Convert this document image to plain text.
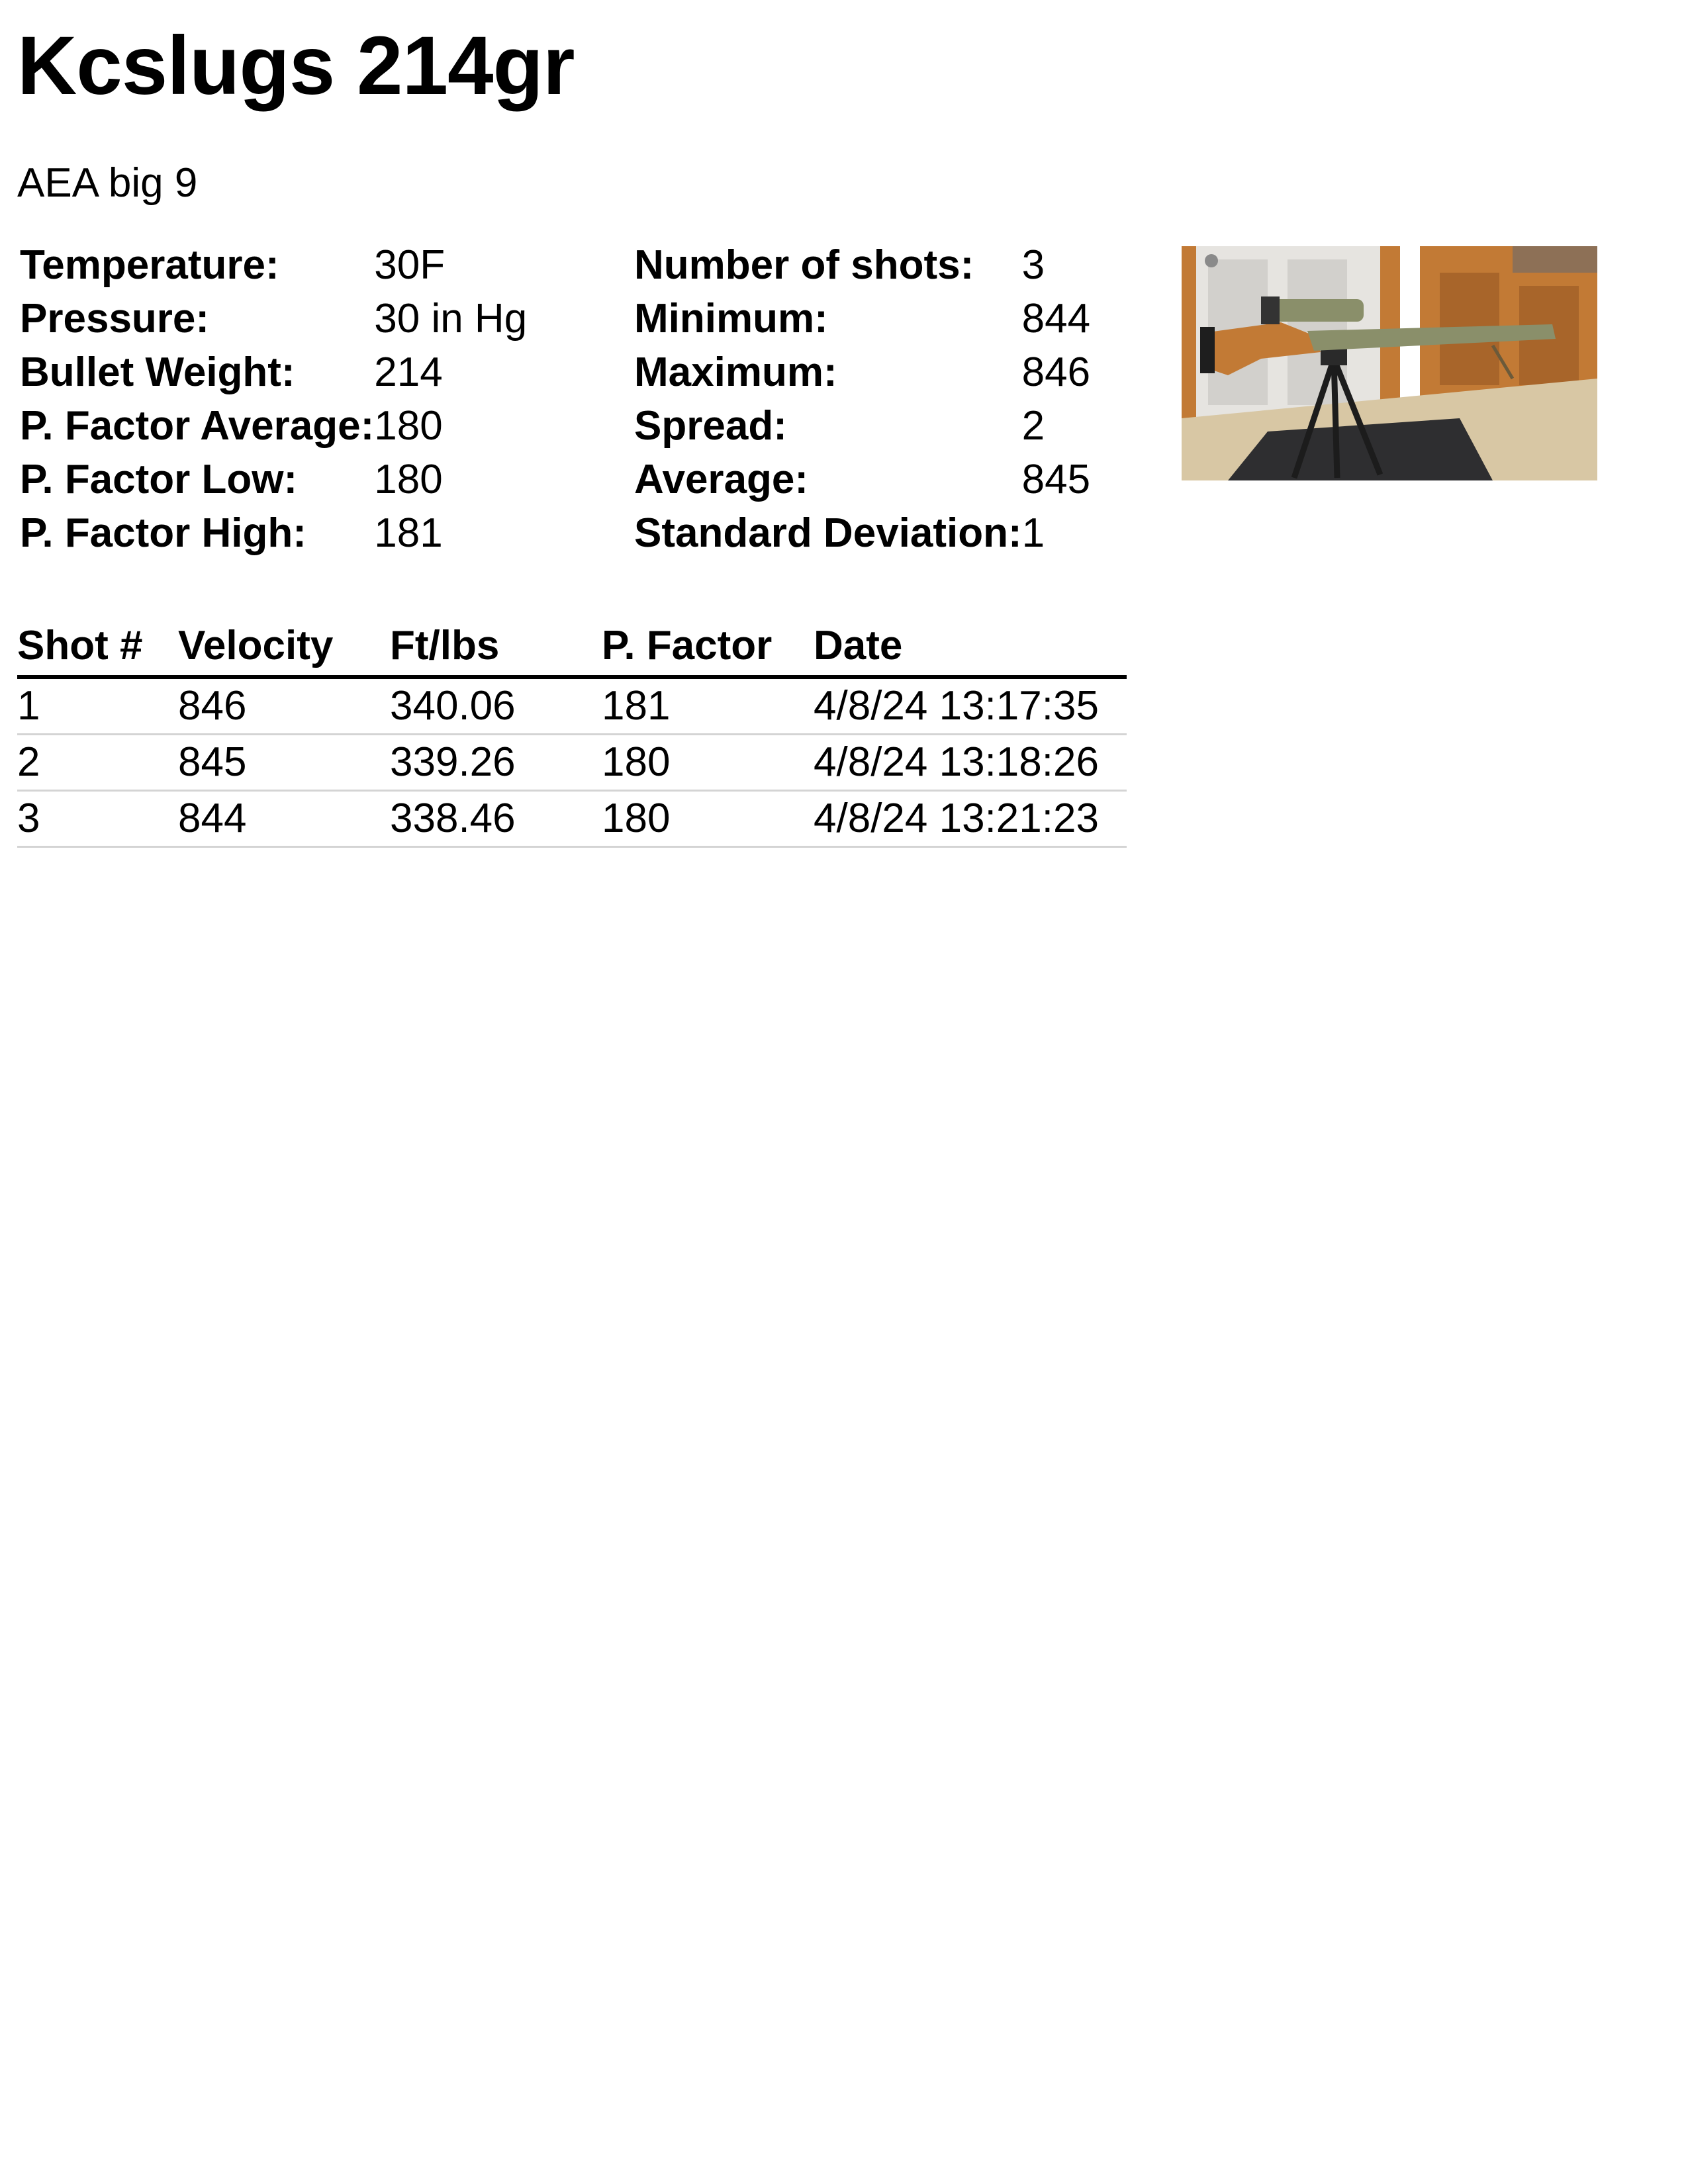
Kcslugs 214gr
AEA big 9
Temperature:	30F
Pressure:	30 in Hg
Bullet Weight:	214
P. Factor Average:	180
P. Factor Low:	180
P. Factor High:	181
Number of shots:	3
Minimum:	844
Maximum:	846
Spread:	2
Average:	845
Standard Deviation:	1
Shot #	Velocity	Ft/lbs	P. Factor	Date
1	846	340.06	181	4/8/24 13:17:35
2	845	339.26	180	4/8/24 13:18:26
3	844	338.46	180	4/8/24 13:21:23
